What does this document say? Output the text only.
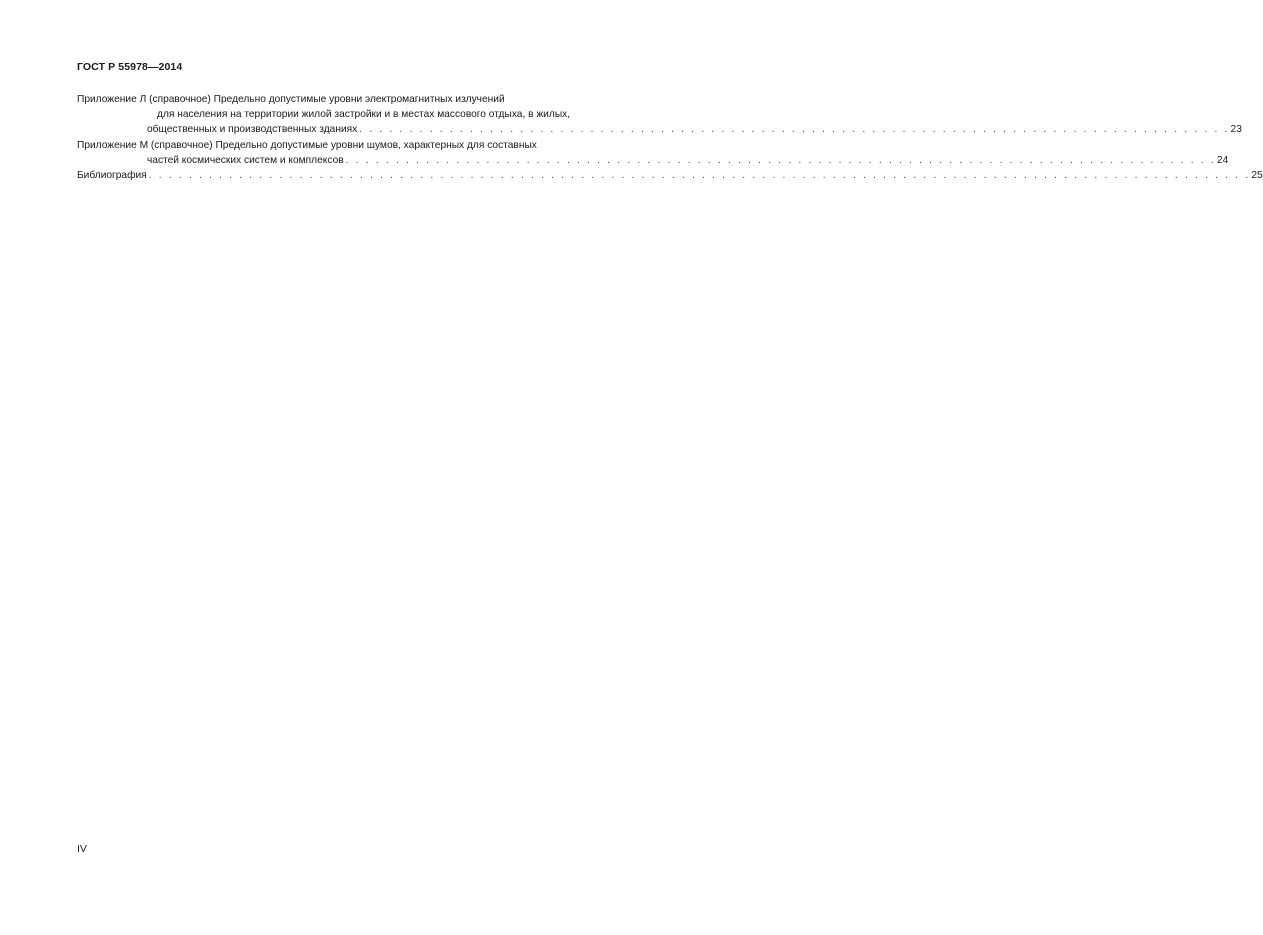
ГОСТ Р 55978—2014
Приложение Л (справочное) Предельно допустимые уровни электромагнитных излучений
для населения на территории жилой застройки и в местах массового отдыха, в жилых,
общественных и производственных зданиях . . . . . . . . . . . . . . . . . . . . . . . . . . . . . . . . . . . . . . . . . . . . . . . . . . . . . . . . . . . . . . . . . . . . . . . . . . . . . . . . . . . . . . . 23
Приложение М (справочное) Предельно допустимые уровни шумов, характерных для составных
частей космических систем и комплексов . . . . . . . . . . . . . . . . . . . . . . . . . . . . . . . . . . . . . . . . . . . . . . . . . . . . . . . . . . . . . . . . . . . . . . . . . . . . . . . . . . . . . . . 24
Библиография . . . . . . . . . . . . . . . . . . . . . . . . . . . . . . . . . . . . . . . . . . . . . . . . . . . . . . . . . . . . . . . . . . . . . . . . . . . . . . . . . . . . . . . . . . . . . . . . . . . . . . . . . . . . . . 25
IV
